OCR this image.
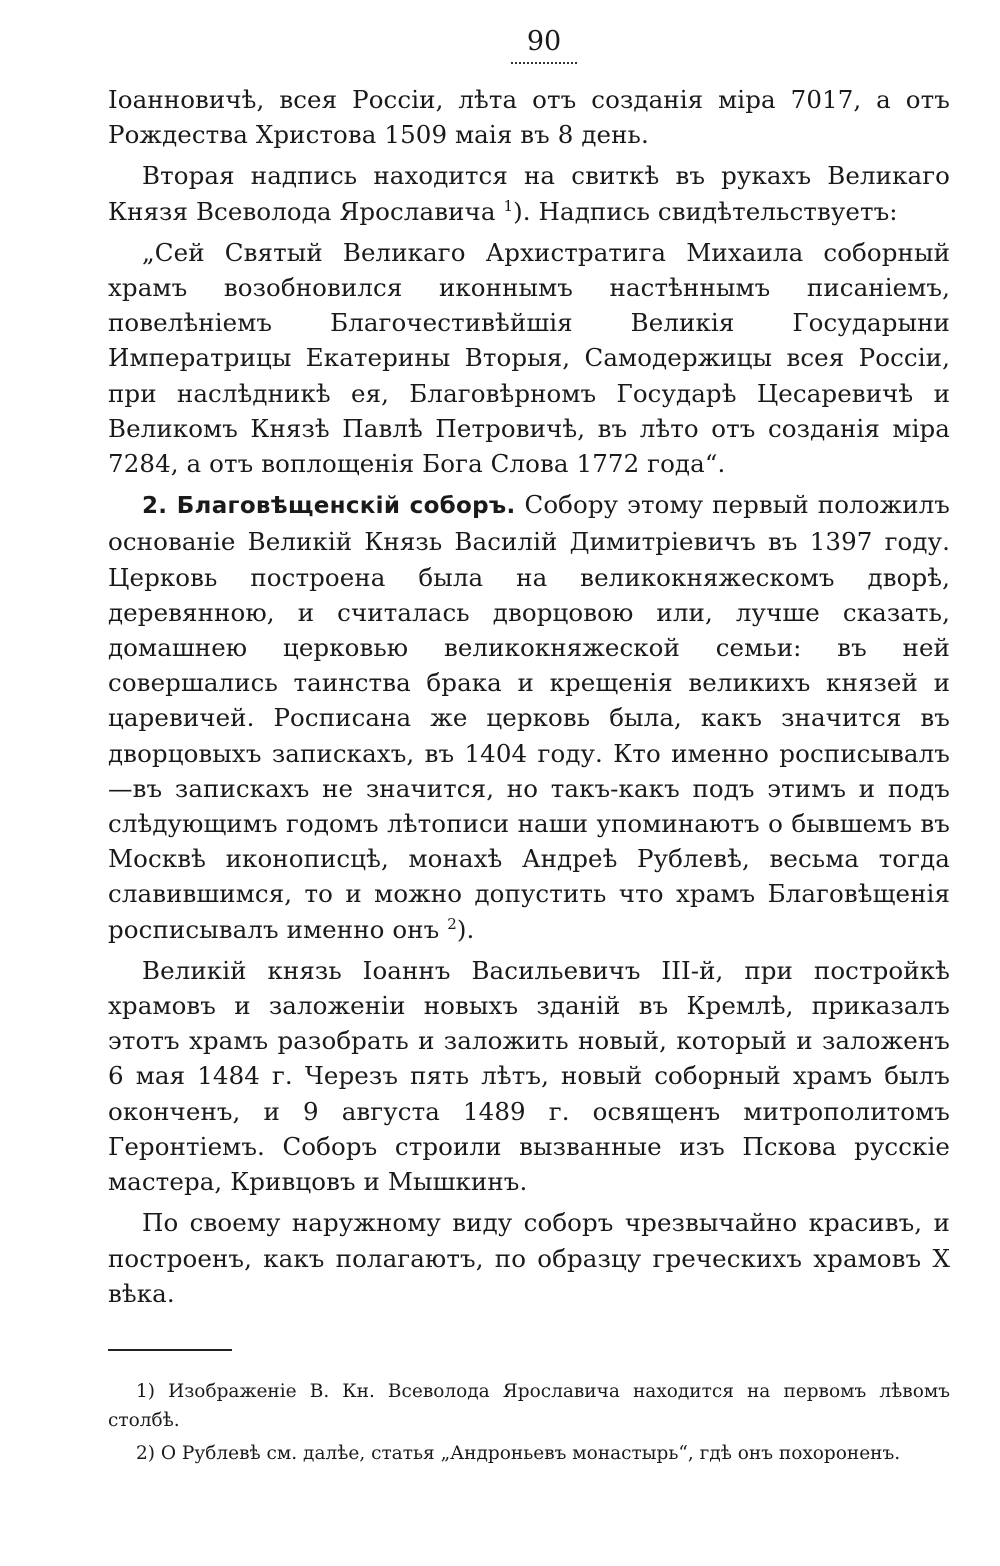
90

Іоанновичѣ, всея Россіи, лѣта отъ созданія міра 7017, а отъ Рождества Христова 1509 маія въ 8 день.

Вторая надпись находится на свиткѣ въ рукахъ Великаго Князя Всеволода Ярославича $^1$). Надпись свидѣтельствуетъ:

„Сей Святый Великаго Архистратига Михаила соборный храмъ возобновился иконнымъ настѣннымъ писаніемъ, повелѣніемъ Благочестивѣйшія Великія Государыни Императрицы Екатерины Вторыя, Самодержицы всея Россіи, при наслѣдникѣ ея, Благовѣрномъ Государѣ Цесаревичѣ и Великомъ Князѣ Павлѣ Петровичѣ, въ лѣто отъ созданія міра 7284, а отъ воплощенія Бога Слова 1772 года“.

2. Благовѣщенскій соборъ. Собору этому первый положилъ основаніе Великій Князь Василій Димитріевичъ въ 1397 году. Церковь построена была на великокняжескомъ дворѣ, деревянною, и считалась дворцовою или, лучше сказать, домашнею церковью великокняжеской семьи: въ ней совершались таинства брака и крещенія великихъ князей и царевичей. Росписана же церковь была, какъ значится въ дворцовыхъ запискахъ, въ 1404 году. Кто именно росписывалъ—въ запискахъ не значится, но такъ-какъ подъ этимъ и подъ слѣдующимъ годомъ лѣтописи наши упоминаютъ о бывшемъ въ Москвѣ иконописцѣ, монахѣ Андреѣ Рублевѣ, весьма тогда славившимся, то и можно допустить что храмъ Благовѣщенія росписывалъ именно онъ $^2$).

Великій князь Іоаннъ Васильевичъ III-й, при постройкѣ храмовъ и заложеніи новыхъ зданій въ Кремлѣ, приказалъ этотъ храмъ разобрать и заложить новый, который и заложенъ 6 мая 1484 г. Черезъ пять лѣтъ, новый соборный храмъ былъ оконченъ, и 9 августа 1489 г. освященъ митрополитомъ Геронтіемъ. Соборъ строили вызванные изъ Пскова русскіе мастера, Кривцовъ и Мышкинъ.

По своему наружному виду соборъ чрезвычайно красивъ, и построенъ, какъ полагаютъ, по образцу греческихъ храмовъ X вѣка.

1) Изображеніе В. Кн. Всеволода Ярославича находится на первомъ лѣвомъ столбѣ.

2) О Рублевѣ см. далѣе, статья „Андроньевъ монастырь“, гдѣ онъ похороненъ.
